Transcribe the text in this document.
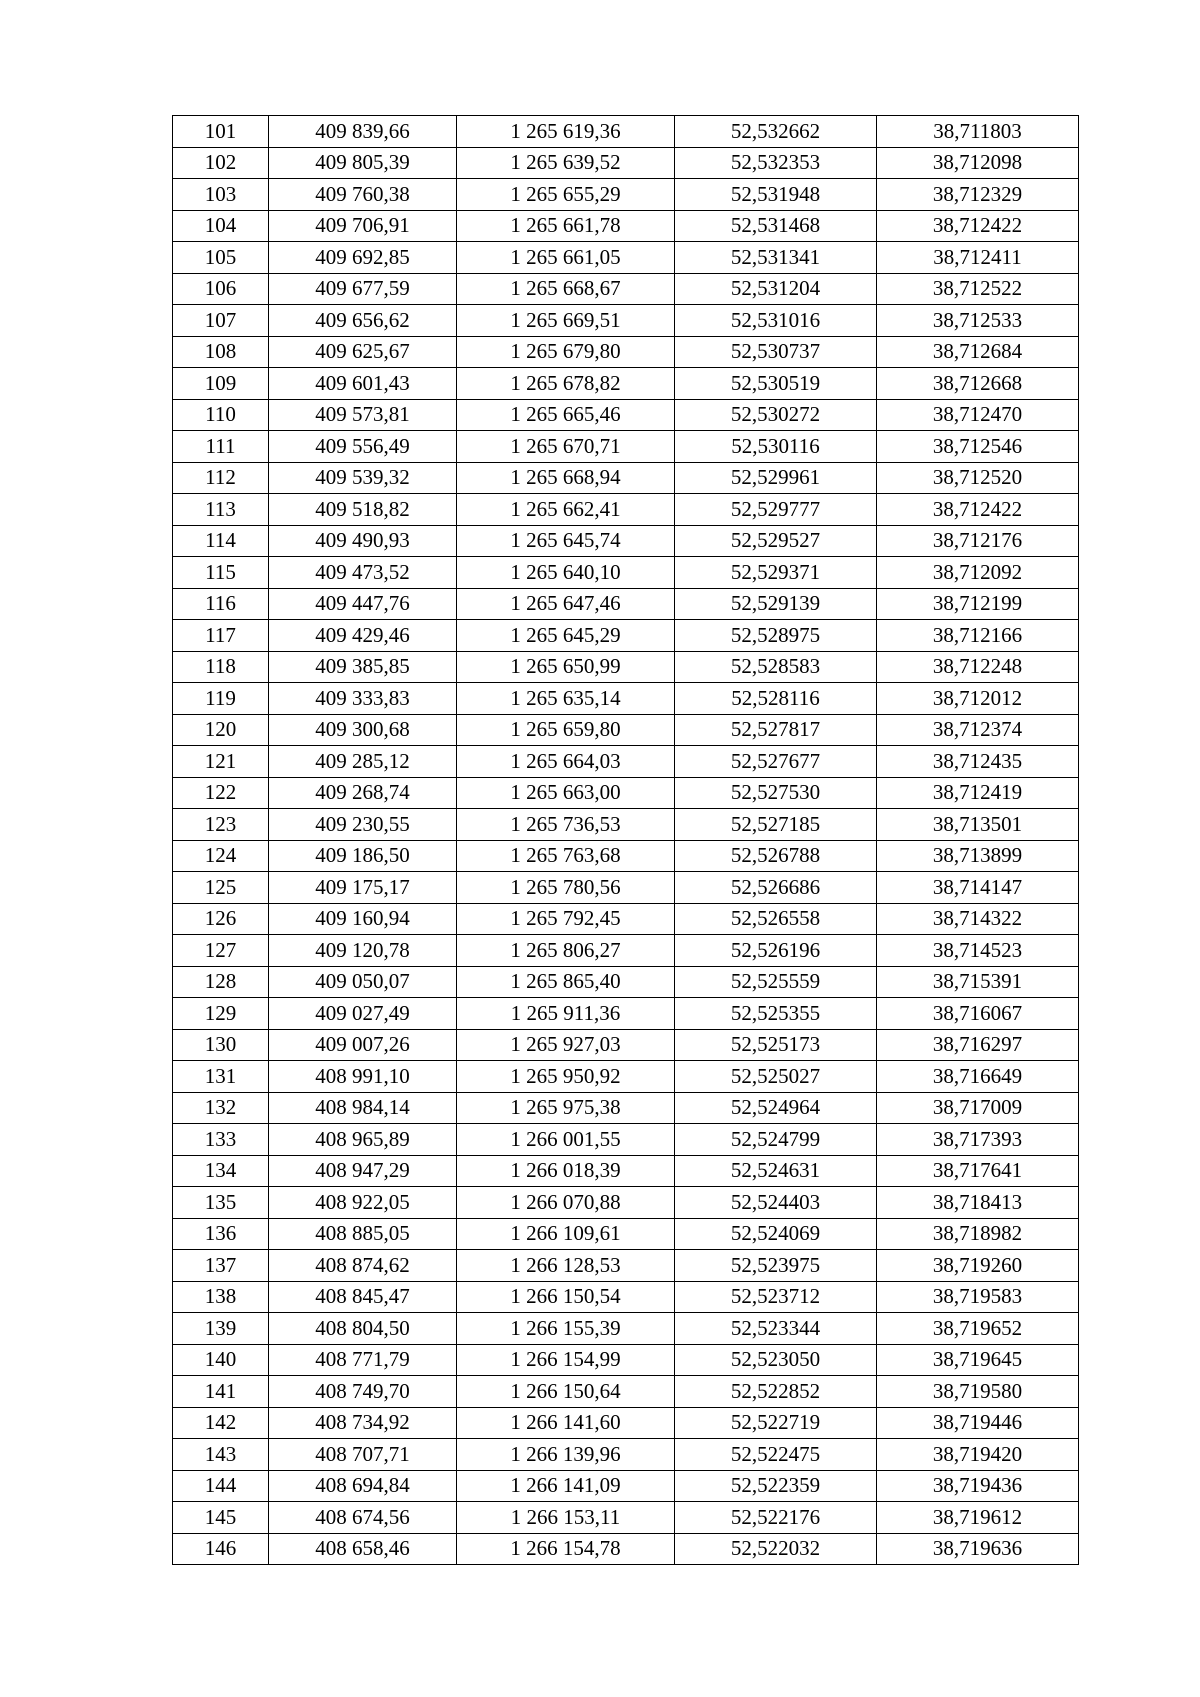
101	409 839,66	1 265 619,36	52,532662	38,711803
102	409 805,39	1 265 639,52	52,532353	38,712098
103	409 760,38	1 265 655,29	52,531948	38,712329
104	409 706,91	1 265 661,78	52,531468	38,712422
105	409 692,85	1 265 661,05	52,531341	38,712411
106	409 677,59	1 265 668,67	52,531204	38,712522
107	409 656,62	1 265 669,51	52,531016	38,712533
108	409 625,67	1 265 679,80	52,530737	38,712684
109	409 601,43	1 265 678,82	52,530519	38,712668
110	409 573,81	1 265 665,46	52,530272	38,712470
111	409 556,49	1 265 670,71	52,530116	38,712546
112	409 539,32	1 265 668,94	52,529961	38,712520
113	409 518,82	1 265 662,41	52,529777	38,712422
114	409 490,93	1 265 645,74	52,529527	38,712176
115	409 473,52	1 265 640,10	52,529371	38,712092
116	409 447,76	1 265 647,46	52,529139	38,712199
117	409 429,46	1 265 645,29	52,528975	38,712166
118	409 385,85	1 265 650,99	52,528583	38,712248
119	409 333,83	1 265 635,14	52,528116	38,712012
120	409 300,68	1 265 659,80	52,527817	38,712374
121	409 285,12	1 265 664,03	52,527677	38,712435
122	409 268,74	1 265 663,00	52,527530	38,712419
123	409 230,55	1 265 736,53	52,527185	38,713501
124	409 186,50	1 265 763,68	52,526788	38,713899
125	409 175,17	1 265 780,56	52,526686	38,714147
126	409 160,94	1 265 792,45	52,526558	38,714322
127	409 120,78	1 265 806,27	52,526196	38,714523
128	409 050,07	1 265 865,40	52,525559	38,715391
129	409 027,49	1 265 911,36	52,525355	38,716067
130	409 007,26	1 265 927,03	52,525173	38,716297
131	408 991,10	1 265 950,92	52,525027	38,716649
132	408 984,14	1 265 975,38	52,524964	38,717009
133	408 965,89	1 266 001,55	52,524799	38,717393
134	408 947,29	1 266 018,39	52,524631	38,717641
135	408 922,05	1 266 070,88	52,524403	38,718413
136	408 885,05	1 266 109,61	52,524069	38,718982
137	408 874,62	1 266 128,53	52,523975	38,719260
138	408 845,47	1 266 150,54	52,523712	38,719583
139	408 804,50	1 266 155,39	52,523344	38,719652
140	408 771,79	1 266 154,99	52,523050	38,719645
141	408 749,70	1 266 150,64	52,522852	38,719580
142	408 734,92	1 266 141,60	52,522719	38,719446
143	408 707,71	1 266 139,96	52,522475	38,719420
144	408 694,84	1 266 141,09	52,522359	38,719436
145	408 674,56	1 266 153,11	52,522176	38,719612
146	408 658,46	1 266 154,78	52,522032	38,719636
